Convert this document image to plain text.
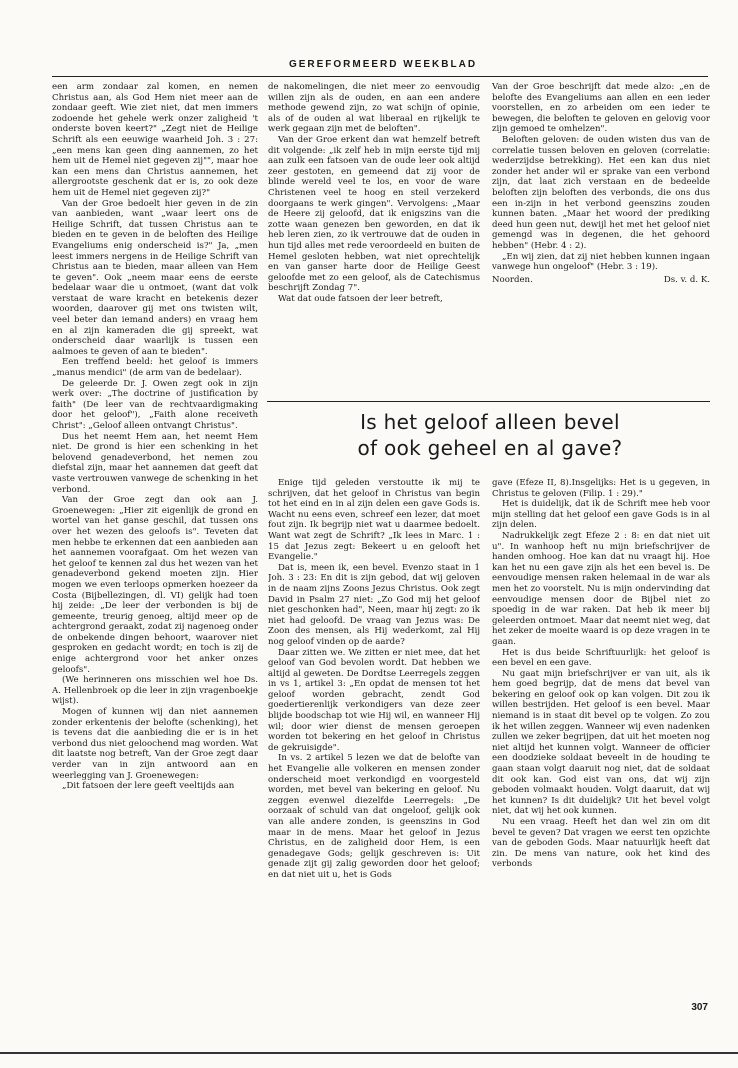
GEREFORMEERD WEEKBLAD

een arm zondaar zal komen, en nemen Christus aan, als God Hem niet meer aan de zondaar geeft. Wie ziet niet, dat men immers zodoende het gehele werk onzer zaligheid 't onderste boven keert?" „Zegt niet de Heilige Schrift als een eeuwige waarheid Joh. 3 : 27: „een mens kan geen ding aannemen, zo het hem uit de Hemel niet gegeven zij"", maar hoe kan een mens dan Christus aannemen, het allergrootste geschenk dat er is, zo ook deze hem uit de Hemel niet gegeven zij?"

Van der Groe bedoelt hier geven in de zin van aanbieden, want „waar leert ons de Heilige Schrift, dat tussen Christus aan te bieden en te geven in de beloften des Heilige Evangeliums enig onderscheid is?" Ja, „men leest immers nergens in de Heilige Schrift van Christus aan te bieden, maar alleen van Hem te geven". Ook „neem maar eens de eerste bedelaar waar die u ontmoet, (want dat volk verstaat de ware kracht en betekenis dezer woorden, daarover gij met ons twisten wilt, veel beter dan iemand anders) en vraag hem en al zijn kameraden die gij spreekt, wat onderscheid daar waarlijk is tussen een aalmoes te geven of aan te bieden".

Een treffend beeld: het geloof is immers „manus mendici" (de arm van de bedelaar).

De geleerde Dr. J. Owen zegt ook in zijn werk over: „The doctrine of justification by faith" (De leer van de rechtvaardigmaking door het geloof"), „Faith alone receiveth Christ": „Geloof alleen ontvangt Christus".

Dus het neemt Hem aan, het neemt Hem niet. De grond is hier een schenking in het belovend genadeverbond, het nemen zou diefstal zijn, maar het aannemen dat geeft dat vaste vertrouwen vanwege de schenking in het verbond.

Van der Groe zegt dan ook aan J. Groenewegen: „Hier zit eigenlijk de grond en wortel van het ganse geschil, dat tussen ons over het wezen des geloofs is". Teveten dat men hebbe te erkennen dat een aanbieden aan het aannemen voorafgaat. Om het wezen van het geloof te kennen zal dus het wezen van het genadeverbond gekend moeten zijn. Hier mogen we even terloops opmerken hoezeer da Costa (Bijbellezingen, dl. VI) gelijk had toen hij zeide: „De leer der verbonden is bij de gemeente, treurig genoeg, altijd meer op de achtergrond geraakt, zodat zij nagenoeg onder de onbekende dingen behoort, waarover niet gesproken en gedacht wordt; en toch is zij de enige achtergrond voor het anker onzes geloofs".

(We herinneren ons misschien wel hoe Ds. A. Hellenbroek op die leer in zijn vragenboekje wijst).

Mogen of kunnen wij dan niet aannemen zonder erkentenis der belofte (schenking), het is tevens dat die aanbieding die er is in het verbond dus niet geloochend mag worden. Wat dit laatste nog betreft, Van der Groe zegt daar verder van in zijn antwoord aan en weerlegging van J. Groenewegen:

„Dit fatsoen der lere geeft veeltijds aan

de nakomelingen, die niet meer zo eenvoudig willen zijn als de ouden, en aan een andere methode gewend zijn, zo wat schijn of opinie, als of de ouden al wat liberaal en rijkelijk te werk gegaan zijn met de beloften".

Van der Groe erkent dan wat hemzelf betreft dit volgende: „ik zelf heb in mijn eerste tijd mij aan zulk een fatsoen van de oude leer ook altijd zeer gestoten, en gemeend dat zij voor de blinde wereld veel te los, en voor de ware Christenen veel te hoog en steil verzekerd doorgaans te werk gingen". Vervolgens: „Maar de Heere zij geloofd, dat ik enigszins van die zotte waan genezen ben geworden, en dat ik heb leren zien, zo ik vertrouwe dat de ouden in hun tijd alles met rede veroordeeld en buiten de Hemel gesloten hebben, wat niet oprechtelijk en van ganser harte door de Heilige Geest geloofde met zo een geloof, als de Catechismus beschrijft Zondag 7".

Wat dat oude fatsoen der leer betreft,

Van der Groe beschrijft dat mede alzo: „en de belofte des Evangeliums aan allen en een ieder voorstellen, en zo arbeiden om een ieder te bewegen, die beloften te geloven en gelovig voor zijn gemoed te omhelzen".

Beloften geloven: de ouden wisten dus van de correlatie tussen beloven en geloven (correlatie: wederzijdse betrekking). Het een kan dus niet zonder het ander wil er sprake van een verbond zijn, dat laat zich verstaan en de bedeelde beloften zijn beloften des verbonds, die ons dus een in-zijn in het verbond geenszins zouden kunnen baten. „Maar het woord der prediking deed hun geen nut, dewijl het met het geloof niet gemengd was in degenen, die het gehoord hebben" (Hebr. 4 : 2).

„En wij zien, dat zij niet hebben kunnen ingaan vanwege hun ongeloof" (Hebr. 3 : 19).

Noorden.	Ds. v. d. K.
Is het geloof alleen bevel
of ook geheel en al gave?

Enige tijd geleden verstoutte ik mij te schrijven, dat het geloof in Christus van begin tot het eind en in al zijn delen een gave Gods is. Wacht nu eens even, schreef een lezer, dat moet fout zijn. Ik begrijp niet wat u daarmee bedoelt. Want wat zegt de Schrift? „Ik lees in Marc. 1 : 15 dat Jezus zegt: Bekeert u en gelooft het Evangelie."

Dat is, meen ik, een bevel. Evenzo staat in 1 Joh. 3 : 23: En dit is zijn gebod, dat wij geloven in de naam zijns Zoons Jezus Christus. Ook zegt David in Psalm 27 niet: „Zo God mij het geloof niet geschonken had", Neen, maar hij zegt: zo ik niet had geloofd. De vraag van Jezus was: De Zoon des mensen, als Hij wederkomt, zal Hij nog geloof vinden op de aarde?

Daar zitten we. We zitten er niet mee, dat het geloof van God bevolen wordt. Dat hebben we altijd al geweten. De Dordtse Leerregels zeggen in vs 1, artikel 3: „En opdat de mensen tot het geloof worden gebracht, zendt God goedertierenlijk verkondigers van deze zeer blijde boodschap tot wie Hij wil, en wanneer Hij wil; door wier dienst de mensen geroepen worden tot bekering en het geloof in Christus de gekruisigde".

In vs. 2 artikel 5 lezen we dat de belofte van het Evangelie alle volkeren en mensen zonder onderscheid moet verkondigd en voorgesteld worden, met bevel van bekering en geloof. Nu zeggen evenwel diezelfde Leerregels: „De oorzaak of schuld van dat ongeloof, gelijk ook van alle andere zonden, is geenszins in God maar in de mens. Maar het geloof in Jezus Christus, en de zaligheid door Hem, is een genadegave Gods; gelijk geschreven is: Uit genade zijt gij zalig geworden door het geloof; en dat niet uit u, het is Gods

gave (Efeze II, 8).Insgelijks: Het is u gegeven, in Christus te geloven (Filip. 1 : 29)."

Het is duidelijk, dat ik de Schrift mee heb voor mijn stelling dat het geloof een gave Gods is in al zijn delen.

Nadrukkelijk zegt Efeze 2 : 8: en dat niet uit u". In wanhoop heft nu mijn briefschrijver de handen omhoog. Hoe kan dat nu vraagt hij. Hoe kan het nu een gave zijn als het een bevel is. De eenvoudige mensen raken helemaal in de war als men het zo voorstelt. Nu is mijn ondervinding dat eenvoudige mensen door de Bijbel niet zo spoedig in de war raken. Dat heb ik meer bij geleerden ontmoet. Maar dat neemt niet weg, dat het zeker de moeite waard is op deze vragen in te gaan.

Het is dus beide Schriftuurlijk: het geloof is een bevel en een gave.

Nu gaat mijn briefschrijver er van uit, als ik hem goed begrijp, dat de mens dat bevel van bekering en geloof ook op kan volgen. Dit zou ik willen bestrijden. Het geloof is een bevel. Maar niemand is in staat dit bevel op te volgen. Zo zou ik het willen zeggen. Wanneer wij even nadenken zullen we zeker begrijpen, dat uit het moeten nog niet altijd het kunnen volgt. Wanneer de officier een doodzieke soldaat beveelt in de houding te gaan staan volgt daaruit nog niet, dat de soldaat dit ook kan. God eist van ons, dat wij zijn geboden volmaakt houden. Volgt daaruit, dat wij het kunnen? Is dit duidelijk? Uit het bevel volgt niet, dat wij het ook kunnen.

Nu een vraag. Heeft het dan wel zin om dit bevel te geven? Dat vragen we eerst ten opzichte van de geboden Gods. Maar natuurlijk heeft dat zin. De mens van nature, ook het kind des verbonds

307
